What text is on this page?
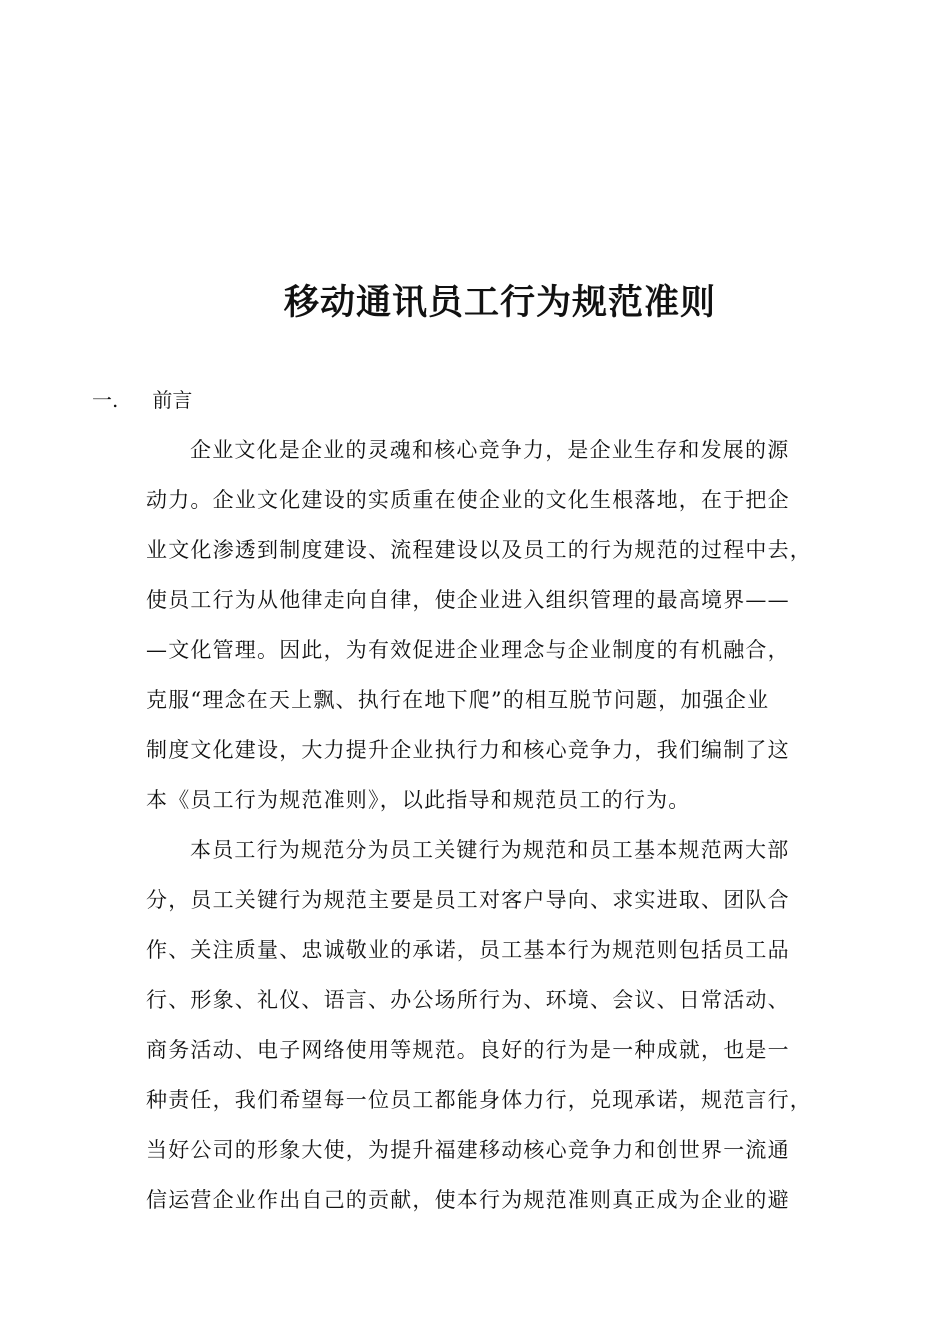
移动通讯员工行为规范准则
一. 前言
企业文化是企业的灵魂和核心竞争力，是企业生存和发展的源
动力。企业文化建设的实质重在使企业的文化生根落地，在于把企
业文化渗透到制度建设、流程建设以及员工的行为规范的过程中去，
使员工行为从他律走向自律，使企业进入组织管理的最高境界——
—文化管理。因此，为有效促进企业理念与企业制度的有机融合，
克服“理念在天上飘、执行在地下爬”的相互脱节问题，加强企业
制度文化建设，大力提升企业执行力和核心竞争力，我们编制了这
本《员工行为规范准则》，以此指导和规范员工的行为。
本员工行为规范分为员工关键行为规范和员工基本规范两大部
分，员工关键行为规范主要是员工对客户导向、求实进取、团队合
作、关注质量、忠诚敬业的承诺，员工基本行为规范则包括员工品
行、形象、礼仪、语言、办公场所行为、环境、会议、日常活动、
商务活动、电子网络使用等规范。良好的行为是一种成就，也是一
种责任，我们希望每一位员工都能身体力行，兑现承诺，规范言行，
当好公司的形象大使，为提升福建移动核心竞争力和创世界一流通
信运营企业作出自己的贡献，使本行为规范准则真正成为企业的避
